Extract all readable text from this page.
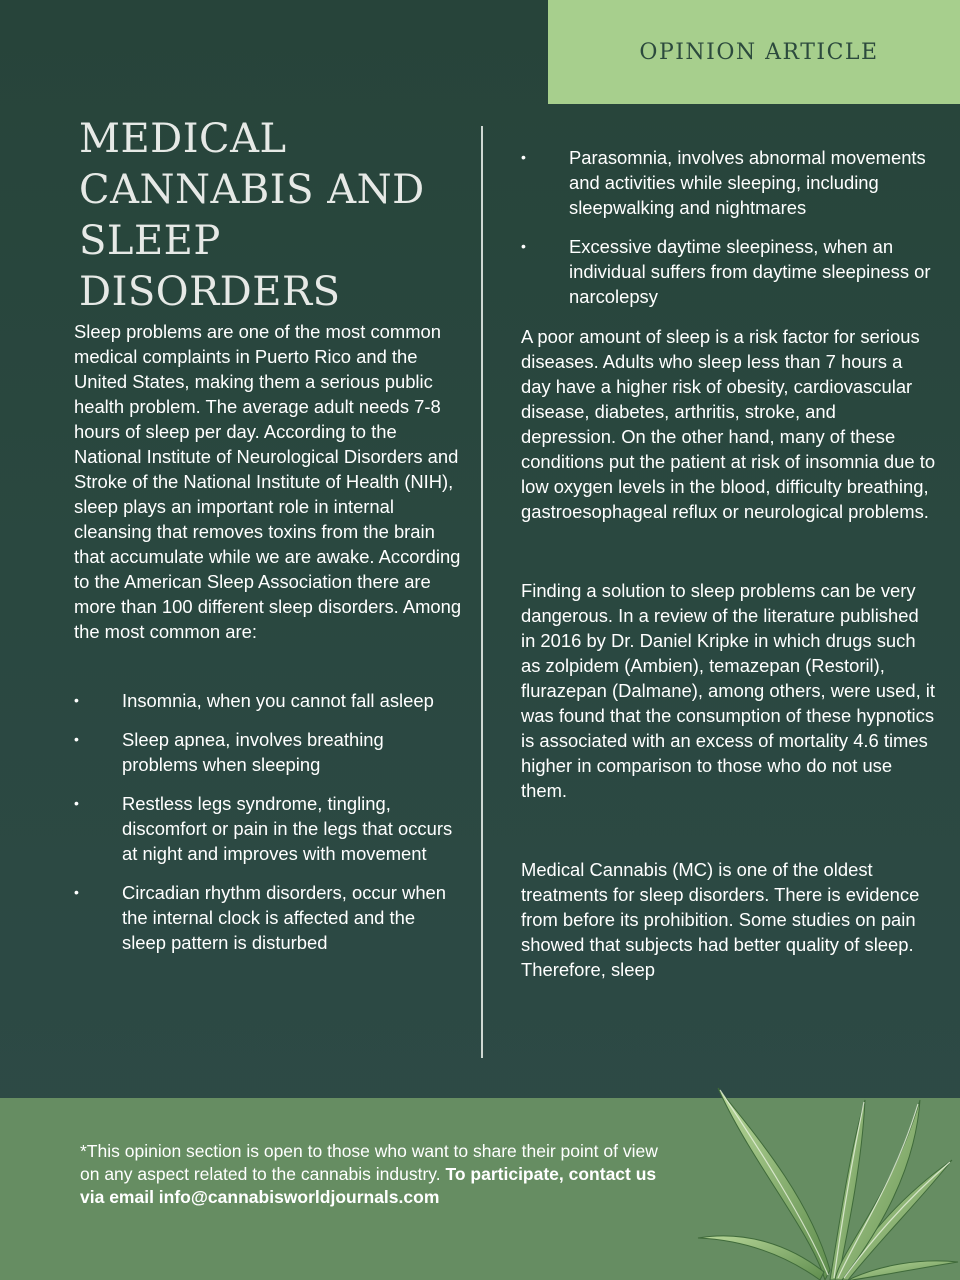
OPINION ARTICLE
MEDICAL CANNABIS AND SLEEP DISORDERS

Sleep problems are one of the most common medical complaints in Puerto Rico and the United States, making them a serious public health problem. The average adult needs 7-8 hours of sleep per day. According to the National Institute of Neurological Disorders and Stroke of the National Institute of Health (NIH), sleep plays an important role in internal cleansing that removes toxins from the brain that accumulate while we are awake. According to the American Sleep Association there are more than 100 different sleep disorders. Among the most common are:

• Insomnia, when you cannot fall asleep
• Sleep apnea, involves breathing problems when sleeping
• Restless legs syndrome, tingling, discomfort or pain in the legs that occurs at night and improves with movement
• Circadian rhythm disorders, occur when the internal clock is affected and the sleep pattern is disturbed
• Parasomnia, involves abnormal movements and activities while sleeping, including sleepwalking and nightmares
• Excessive daytime sleepiness, when an individual suffers from daytime sleepiness or narcolepsy

A poor amount of sleep is a risk factor for serious diseases. Adults who sleep less than 7 hours a day have a higher risk of obesity, cardiovascular disease, diabetes, arthritis, stroke, and depression. On the other hand, many of these conditions put the patient at risk of insomnia due to low oxygen levels in the blood, difficulty breathing, gastroesophageal reflux or neurological problems.

Finding a solution to sleep problems can be very dangerous. In a review of the literature published in 2016 by Dr. Daniel Kripke in which drugs such as zolpidem (Ambien), temazepan (Restoril), flurazepan (Dalmane), among others, were used, it was found that the consumption of these hypnotics is associated with an excess of mortality 4.6 times higher in comparison to those who do not use them.

Medical Cannabis (MC) is one of the oldest treatments for sleep disorders. There is evidence from before its prohibition. Some studies on pain showed that subjects had better quality of sleep. Therefore, sleep

*This opinion section is open to those who want to share their point of view on any aspect related to the cannabis industry. To participate, contact us via email info@cannabisworldjournals.com
